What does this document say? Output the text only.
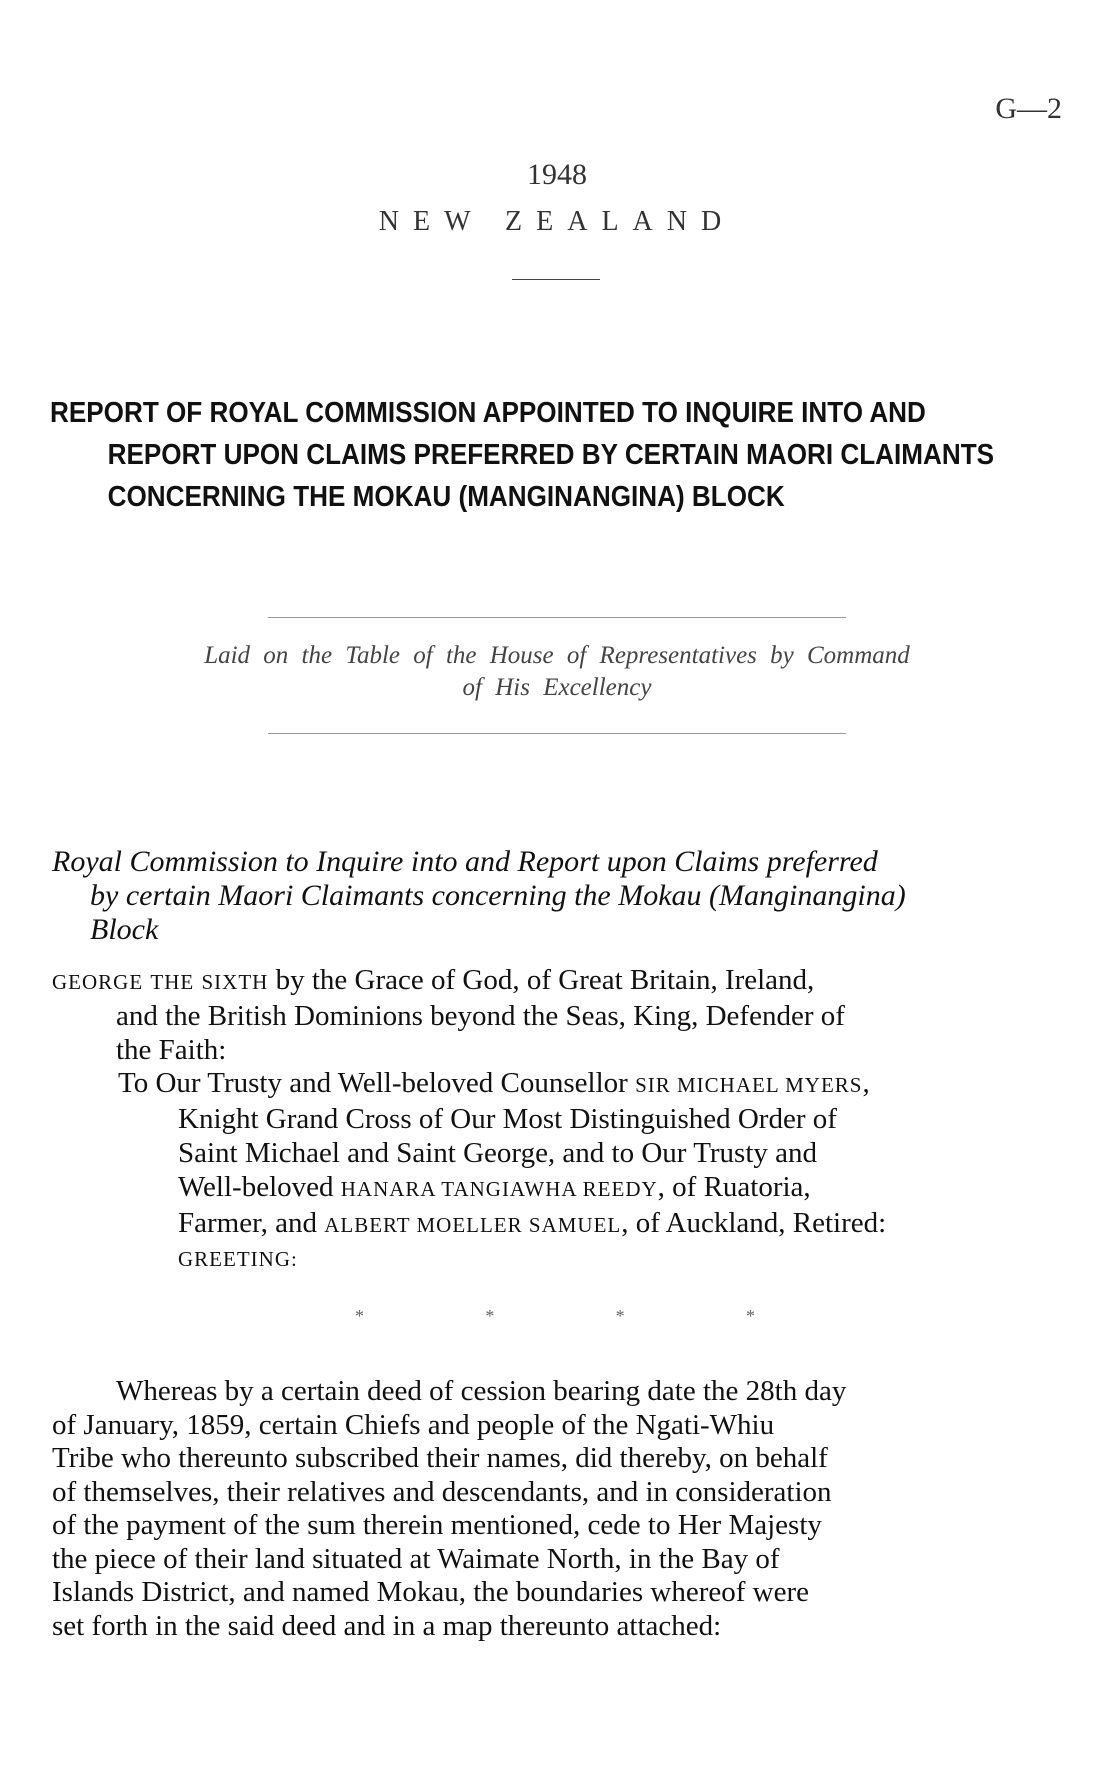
G—2
1948
NEW ZEALAND
REPORT OF ROYAL COMMISSION APPOINTED TO INQUIRE INTO AND
REPORT UPON CLAIMS PREFERRED BY CERTAIN MAORI CLAIMANTS
CONCERNING THE MOKAU (MANGINANGINA) BLOCK
Laid on the Table of the House of Representatives by Command
of His Excellency
Royal Commission to Inquire into and Report upon Claims preferred
by certain Maori Claimants concerning the Mokau (Manginangina)
Block
GEORGE THE SIXTH by the Grace of God, of Great Britain, Ireland,
and the British Dominions beyond the Seas, King, Defender of
the Faith:
To Our Trusty and Well-beloved Counsellor SIR MICHAEL MYERS,
Knight Grand Cross of Our Most Distinguished Order of
Saint Michael and Saint George, and to Our Trusty and
Well-beloved HANARA TANGIAWHA REEDY, of Ruatoria,
Farmer, and ALBERT MOELLER SAMUEL, of Auckland, Retired:
GREETING:
*	*	*	*
Whereas by a certain deed of cession bearing date the 28th day
of January, 1859, certain Chiefs and people of the Ngati-Whiu
Tribe who thereunto subscribed their names, did thereby, on behalf
of themselves, their relatives and descendants, and in consideration
of the payment of the sum therein mentioned, cede to Her Majesty
the piece of their land situated at Waimate North, in the Bay of
Islands District, and named Mokau, the boundaries whereof were
set forth in the said deed and in a map thereunto attached:
